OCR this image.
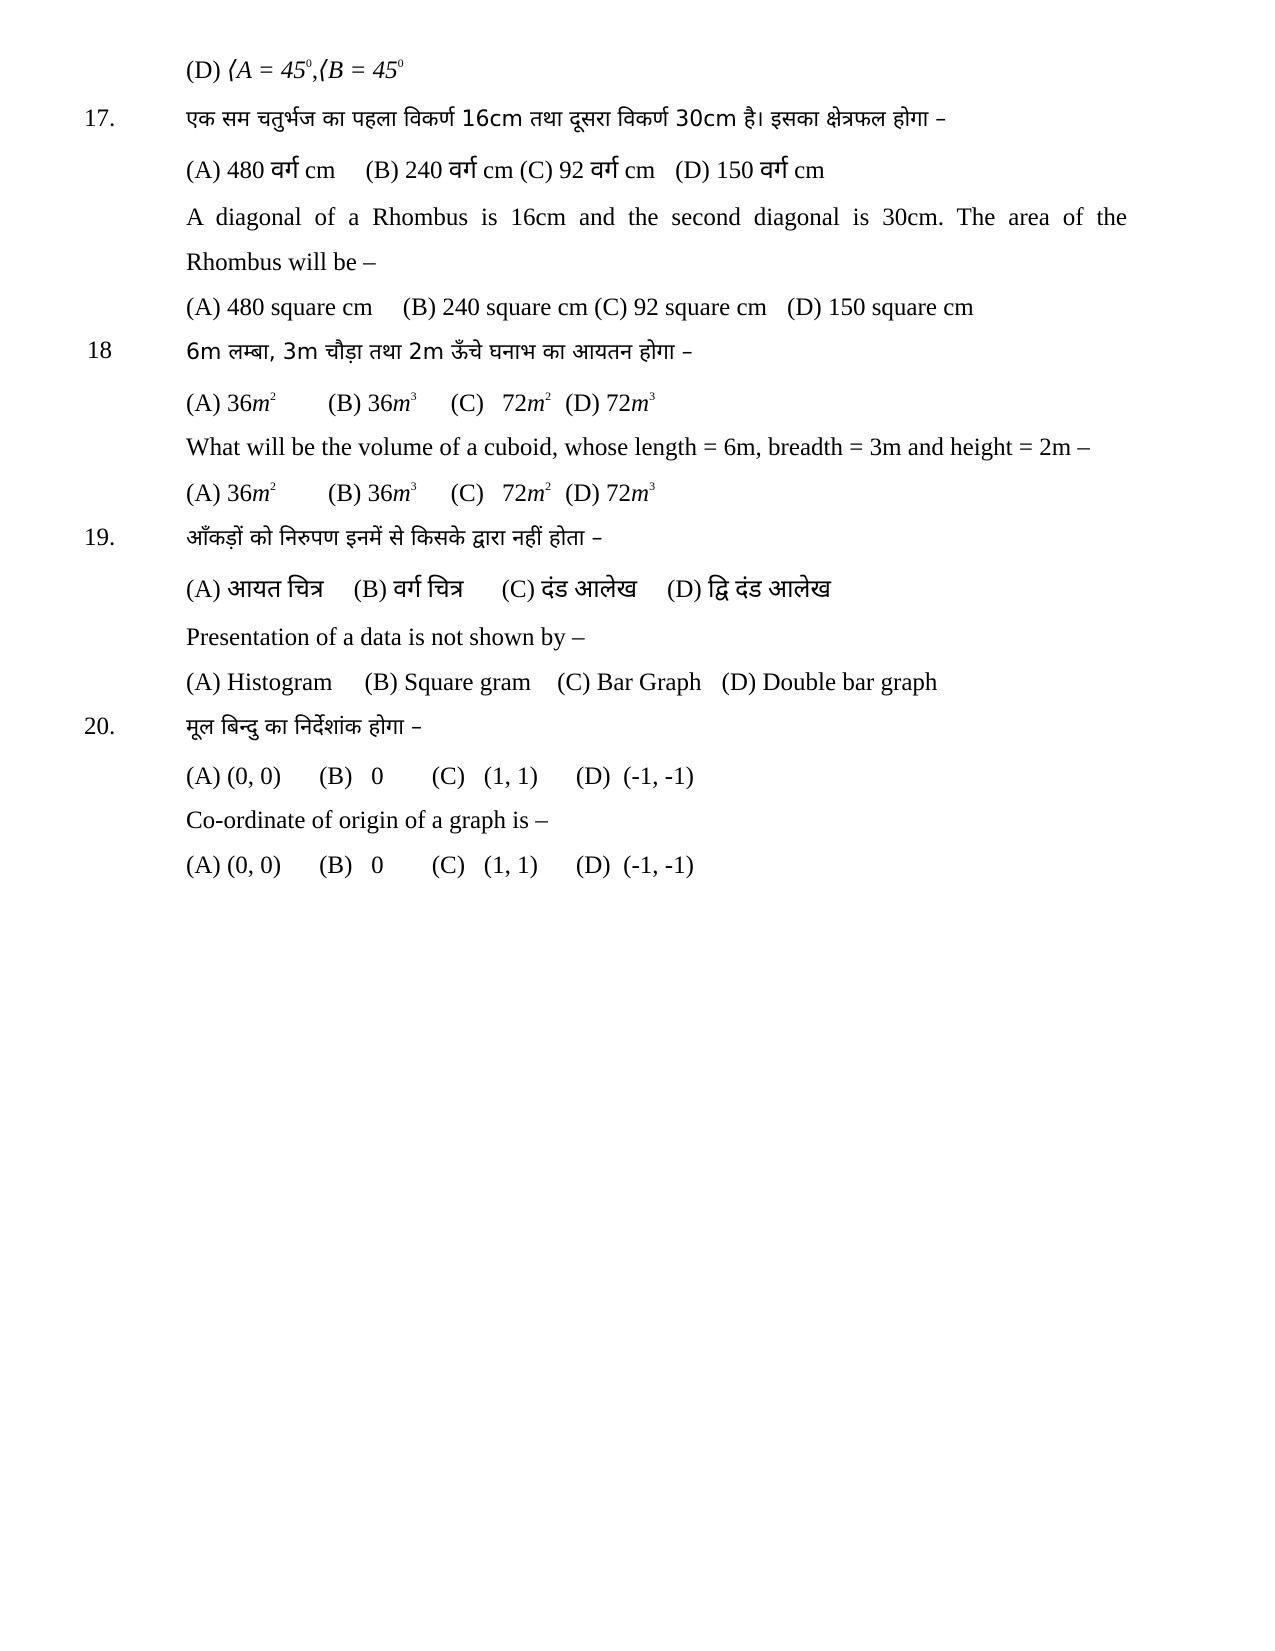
(D) ⟨A = $45^0,⟨B = 45^0$
17.	एक सम चतुर्भज का पहला विकर्ण 16cm तथा दूसरा विकर्ण 30cm है। इसका क्षेत्रफल होगा –
(A) 480 वर्ग cm (B) 240 वर्ग cm (C) 92 वर्ग cm (D) 150 वर्ग cm
A diagonal of a Rhombus is 16cm and the second diagonal is 30cm. The area of the
Rhombus will be –
(A) 480 square cm (B) 240 square cm (C) 92 square cm (D) 150 square cm
18	6m लम्बा, 3m चौड़ा तथा 2m ऊँचे घनाभ का आयतन होगा –
(A) $36m^2$ (B) $36m^3$ (C) $72m^2$ (D) $72m^3$
What will be the volume of a cuboid, whose length = 6m, breadth = 3m and height = 2m –
(A) $36m^2$ (B) $36m^3$ (C) $72m^2$ (D) $72m^3$
19.	आँकड़ों को निरुपण इनमें से किसके द्वारा नहीं होता –
(A) आयत चित्र (B) वर्ग चित्र (C) दंड आलेख (D) द्वि दंड आलेख
Presentation of a data is not shown by –
(A) Histogram (B) Square gram (C) Bar Graph (D) Double bar graph
20.	मूल बिन्दु का निर्देशांक होगा –
(A) (0, 0) (B)   0 (C)   (1, 1) (D)  (-1, -1)
Co-ordinate of origin of a graph is –
(A) (0, 0) (B)   0 (C)   (1, 1) (D)  (-1, -1)
